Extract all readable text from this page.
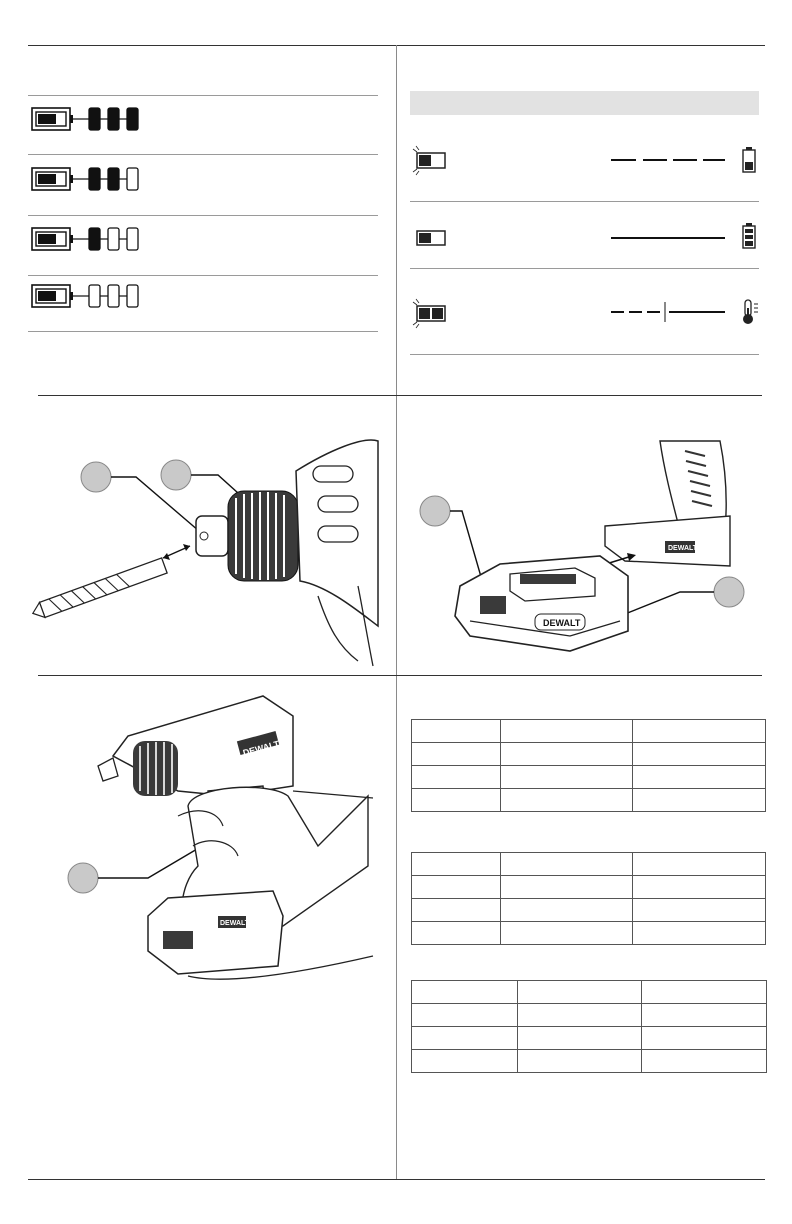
DEWALT
DEWALT
DEWALT
DEWALT
